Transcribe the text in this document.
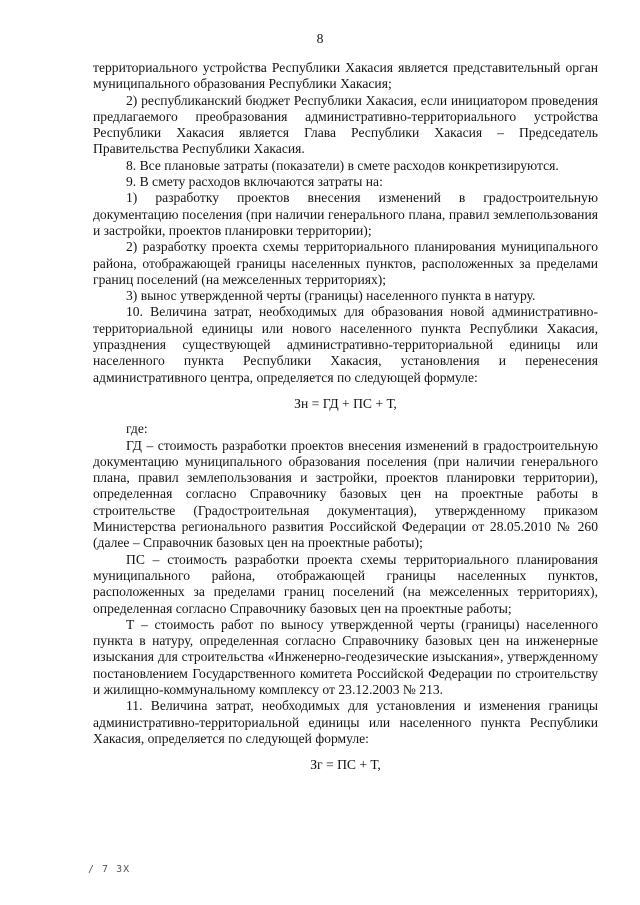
8

территориального устройства Республики Хакасия является представительный орган муниципального образования Республики Хакасия;

2) республиканский бюджет Республики Хакасия, если инициатором проведения предлагаемого преобразования административно-территориального устройства Республики Хакасия является Глава Республики Хакасия – Председатель Правительства Республики Хакасия.

8. Все плановые затраты (показатели) в смете расходов конкретизируются.

9. В смету расходов включаются затраты на:

1) разработку проектов внесения изменений в градостроительную документацию поселения (при наличии генерального плана, правил землепользования и застройки, проектов планировки территории);

2) разработку проекта схемы территориального планирования муниципального района, отображающей границы населенных пунктов, расположенных за пределами границ поселений (на межселенных территориях);

3) вынос утвержденной черты (границы) населенного пункта в натуру.

10. Величина затрат, необходимых для образования новой административно-территориальной единицы или нового населенного пункта Республики Хакасия, упразднения существующей административно-территориальной единицы или населенного пункта Республики Хакасия, установления и перенесения административного центра, определяется по следующей формуле:

Зн = ГД + ПС + Т,

где:

ГД – стоимость разработки проектов внесения изменений в градостроительную документацию муниципального образования поселения (при наличии генерального плана, правил землепользования и застройки, проектов планировки территории), определенная согласно Справочнику базовых цен на проектные работы в строительстве (Градостроительная документация), утвержденному приказом Министерства регионального развития Российской Федерации от 28.05.2010 № 260 (далее – Справочник базовых цен на проектные работы);

ПС – стоимость разработки проекта схемы территориального планирования муниципального района, отображающей границы населенных пунктов, расположенных за пределами границ поселений (на межселенных территориях), определенная согласно Справочнику базовых цен на проектные работы;

Т – стоимость работ по выносу утвержденной черты (границы) населенного пункта в натуру, определенная согласно Справочнику базовых цен на инженерные изыскания для строительства «Инженерно-геодезические изыскания», утвержденному постановлением Государственного комитета Российской Федерации по строительству и жилищно-коммунальному комплексу от 23.12.2003 № 213.

11. Величина затрат, необходимых для установления и изменения границы административно-территориальной единицы или населенного пункта Республики Хакасия, определяется по следующей формуле:

Зг = ПС + Т,
/ 7 ЗХ
